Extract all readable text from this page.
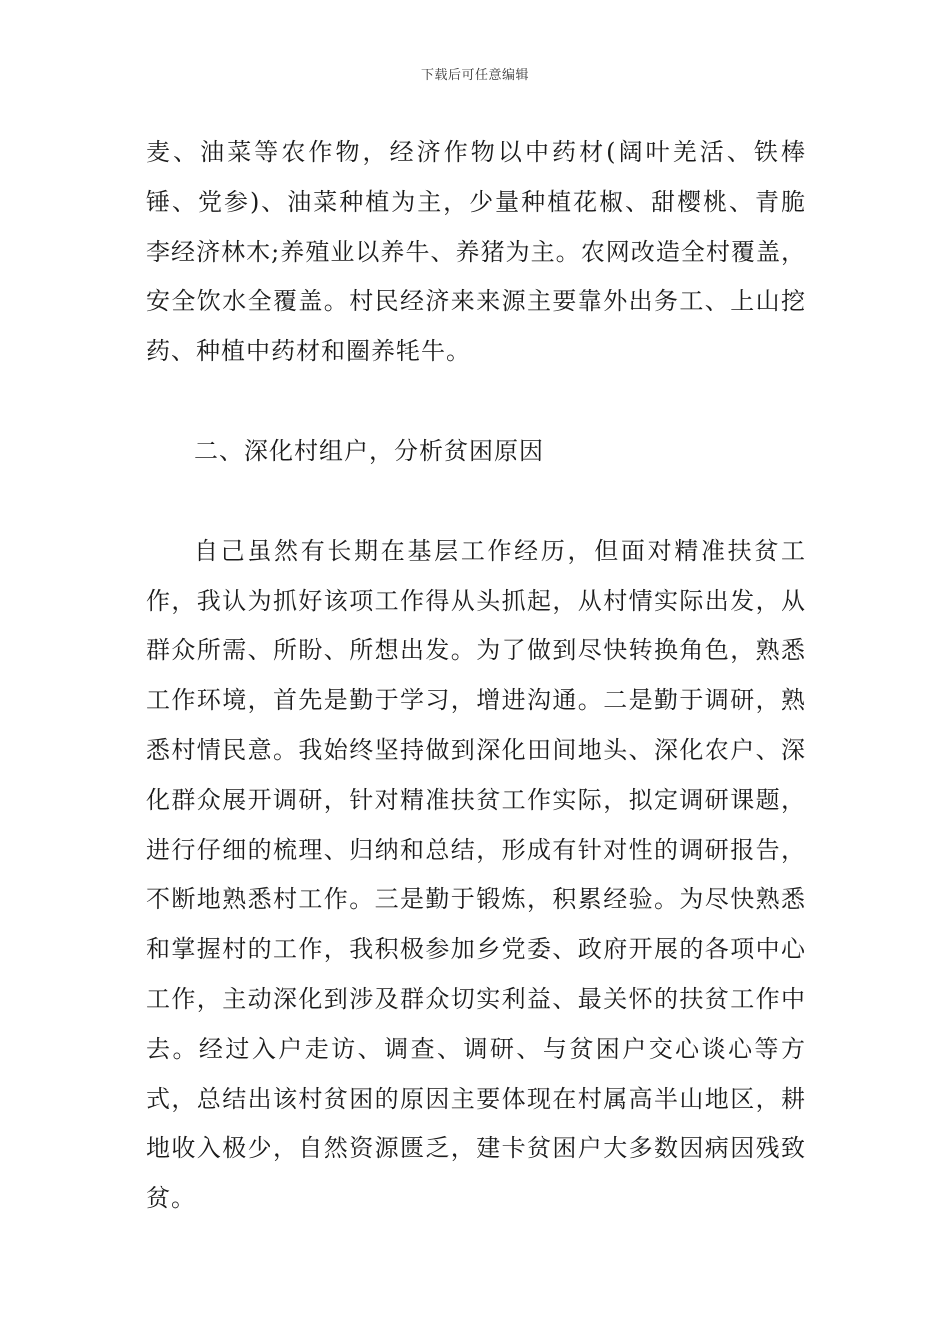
下载后可任意编辑

麦、油菜等农作物，经济作物以中药材(阔叶羌活、铁棒锤、党参)、油菜种植为主，少量种植花椒、甜樱桃、青脆李经济林木;养殖业以养牛、养猪为主。农网改造全村覆盖，安全饮水全覆盖。村民经济来来源主要靠外出务工、上山挖药、种植中药材和圈养牦牛。

二、深化村组户，分析贫困原因

自己虽然有长期在基层工作经历，但面对精准扶贫工作，我认为抓好该项工作得从头抓起，从村情实际出发，从群众所需、所盼、所想出发。为了做到尽快转换角色，熟悉工作环境，首先是勤于学习，增进沟通。二是勤于调研，熟悉村情民意。我始终坚持做到深化田间地头、深化农户、深化群众展开调研，针对精准扶贫工作实际，拟定调研课题，进行仔细的梳理、归纳和总结，形成有针对性的调研报告，不断地熟悉村工作。三是勤于锻炼，积累经验。为尽快熟悉和掌握村的工作，我积极参加乡党委、政府开展的各项中心工作，主动深化到涉及群众切实利益、最关怀的扶贫工作中去。经过入户走访、调查、调研、与贫困户交心谈心等方式，总结出该村贫困的原因主要体现在村属高半山地区，耕地收入极少，自然资源匮乏，建卡贫困户大多数因病因残致贫。
